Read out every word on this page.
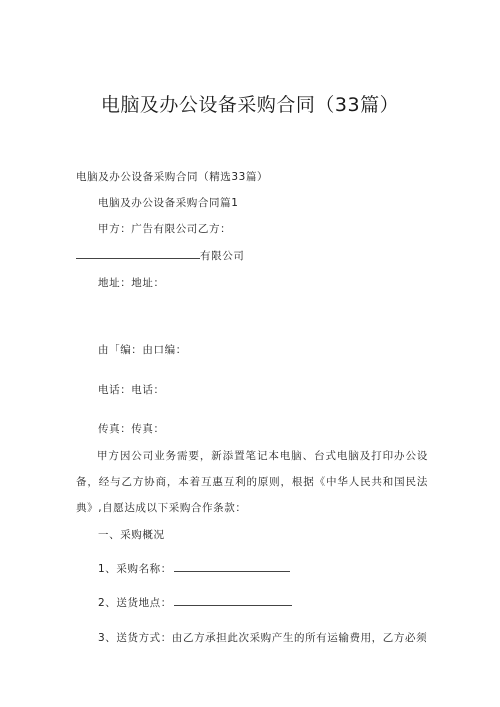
电脑及办公设备采购合同（33篇）
电脑及办公设备采购合同（精选33篇）
电脑及办公设备采购合同篇1
甲方：广告有限公司乙方：
有限公司
地址：地址：
由「编：由口编：
电话：电话：
传真：传真：
甲方因公司业务需要，新添置笔记本电脑、台式电脑及打印办公设备，经与乙方协商，本着互惠互利的原则，根据《中华人民共和国民法典》,自愿达成以下采购合作条款：
一、采购概况
1、采购名称：
2、送货地点：
3、送货方式：由乙方承担此次采购产生的所有运输费用，乙方必须
